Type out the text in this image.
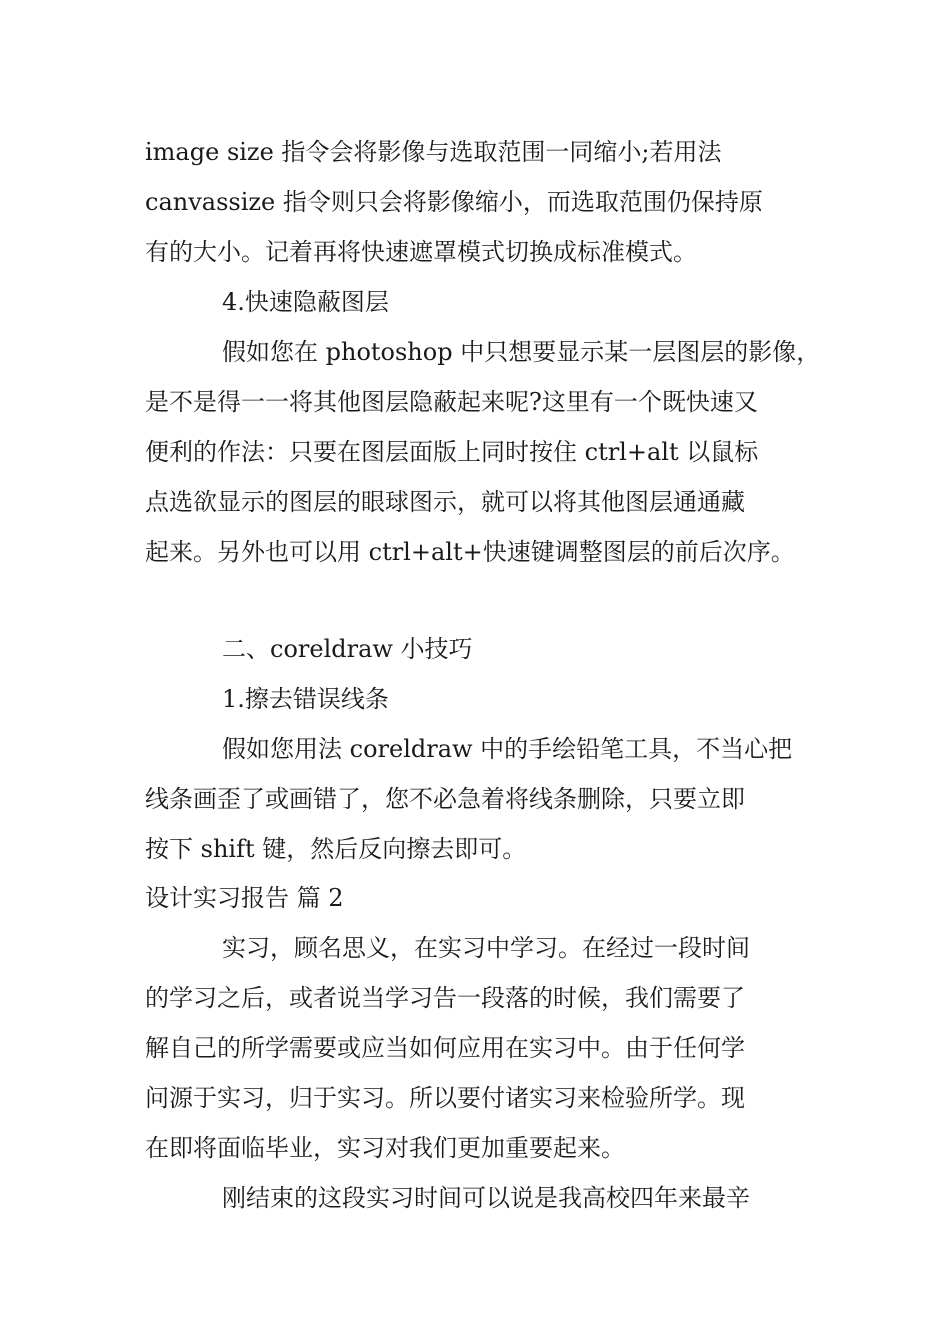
image size 指令会将影像与选取范围一同缩小;若用法

canvassize 指令则只会将影像缩小，而选取范围仍保持原

有的大小。记着再将快速遮罩模式切换成标准模式。

4.快速隐蔽图层

假如您在 photoshop 中只想要显示某一层图层的影像，

是不是得一一将其他图层隐蔽起来呢?这里有一个既快速又

便利的作法：只要在图层面版上同时按住 ctrl+alt 以鼠标

点选欲显示的图层的眼球图示，就可以将其他图层通通藏

起来。另外也可以用 ctrl+alt+快速键调整图层的前后次序。

二、coreldraw 小技巧

1.擦去错误线条

假如您用法 coreldraw 中的手绘铅笔工具，不当心把

线条画歪了或画错了，您不必急着将线条删除，只要立即

按下 shift 键，然后反向擦去即可。

设计实习报告 篇 2

实习，顾名思义，在实习中学习。在经过一段时间

的学习之后，或者说当学习告一段落的时候，我们需要了

解自己的所学需要或应当如何应用在实习中。由于任何学

问源于实习，归于实习。所以要付诸实习来检验所学。现

在即将面临毕业，实习对我们更加重要起来。

刚结束的这段实习时间可以说是我高校四年来最辛
